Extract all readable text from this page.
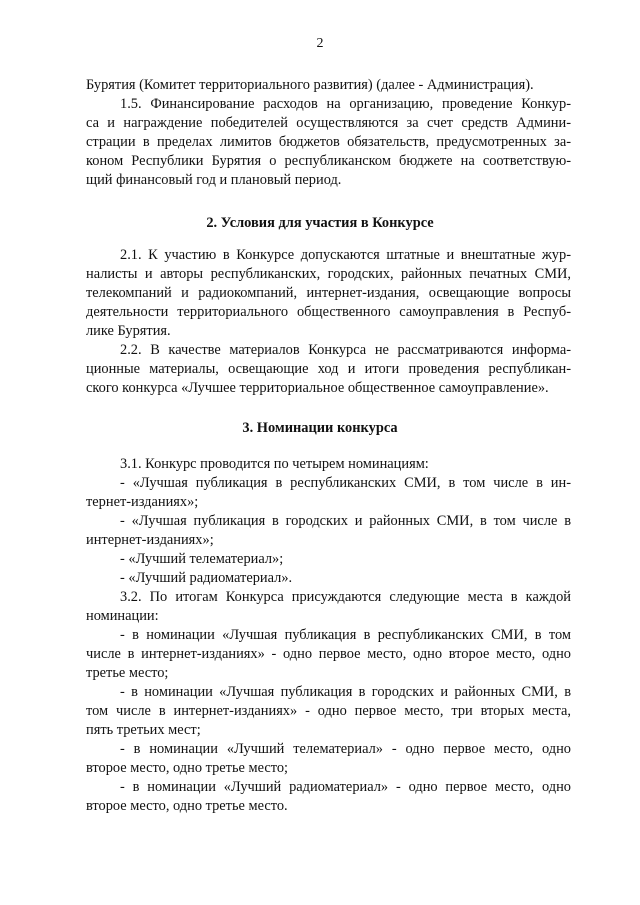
2
Бурятия (Комитет территориального развития) (далее - Администрация).
1.5. Финансирование расходов на организацию, проведение Конкур-
са и награждение победителей осуществляются за счет средств Админи-
страции в пределах лимитов бюджетов обязательств, предусмотренных за-
коном Республики Бурятия о республиканском бюджете на соответствую-
щий финансовый год и плановый период.
2. Условия для участия в Конкурсе
2.1. К участию в Конкурсе допускаются штатные и внештатные жур-
налисты и авторы республиканских, городских, районных печатных СМИ,
телекомпаний и радиокомпаний, интернет-издания, освещающие вопросы
деятельности территориального общественного самоуправления в Респуб-
лике Бурятия.
2.2. В качестве материалов Конкурса не рассматриваются информа-
ционные материалы, освещающие ход и итоги проведения республикан-
ского конкурса «Лучшее территориальное общественное самоуправление».
3. Номинации конкурса
3.1. Конкурс проводится по четырем номинациям:
- «Лучшая публикация в республиканских СМИ, в том числе в ин-
тернет-изданиях»;
- «Лучшая публикация в городских и районных СМИ, в том числе в
интернет-изданиях»;
- «Лучший телематериал»;
- «Лучший радиоматериал».
3.2. По итогам Конкурса присуждаются следующие места в каждой
номинации:
- в номинации «Лучшая публикация в республиканских СМИ, в том
числе в интернет-изданиях» - одно первое место, одно второе место, одно
третье место;
- в номинации «Лучшая публикация в городских и районных СМИ, в
том числе в интернет-изданиях» - одно первое место, три вторых места,
пять третьих мест;
- в номинации «Лучший телематериал» - одно первое место, одно
второе место, одно третье место;
- в номинации «Лучший радиоматериал» - одно первое место, одно
второе место, одно третье место.
